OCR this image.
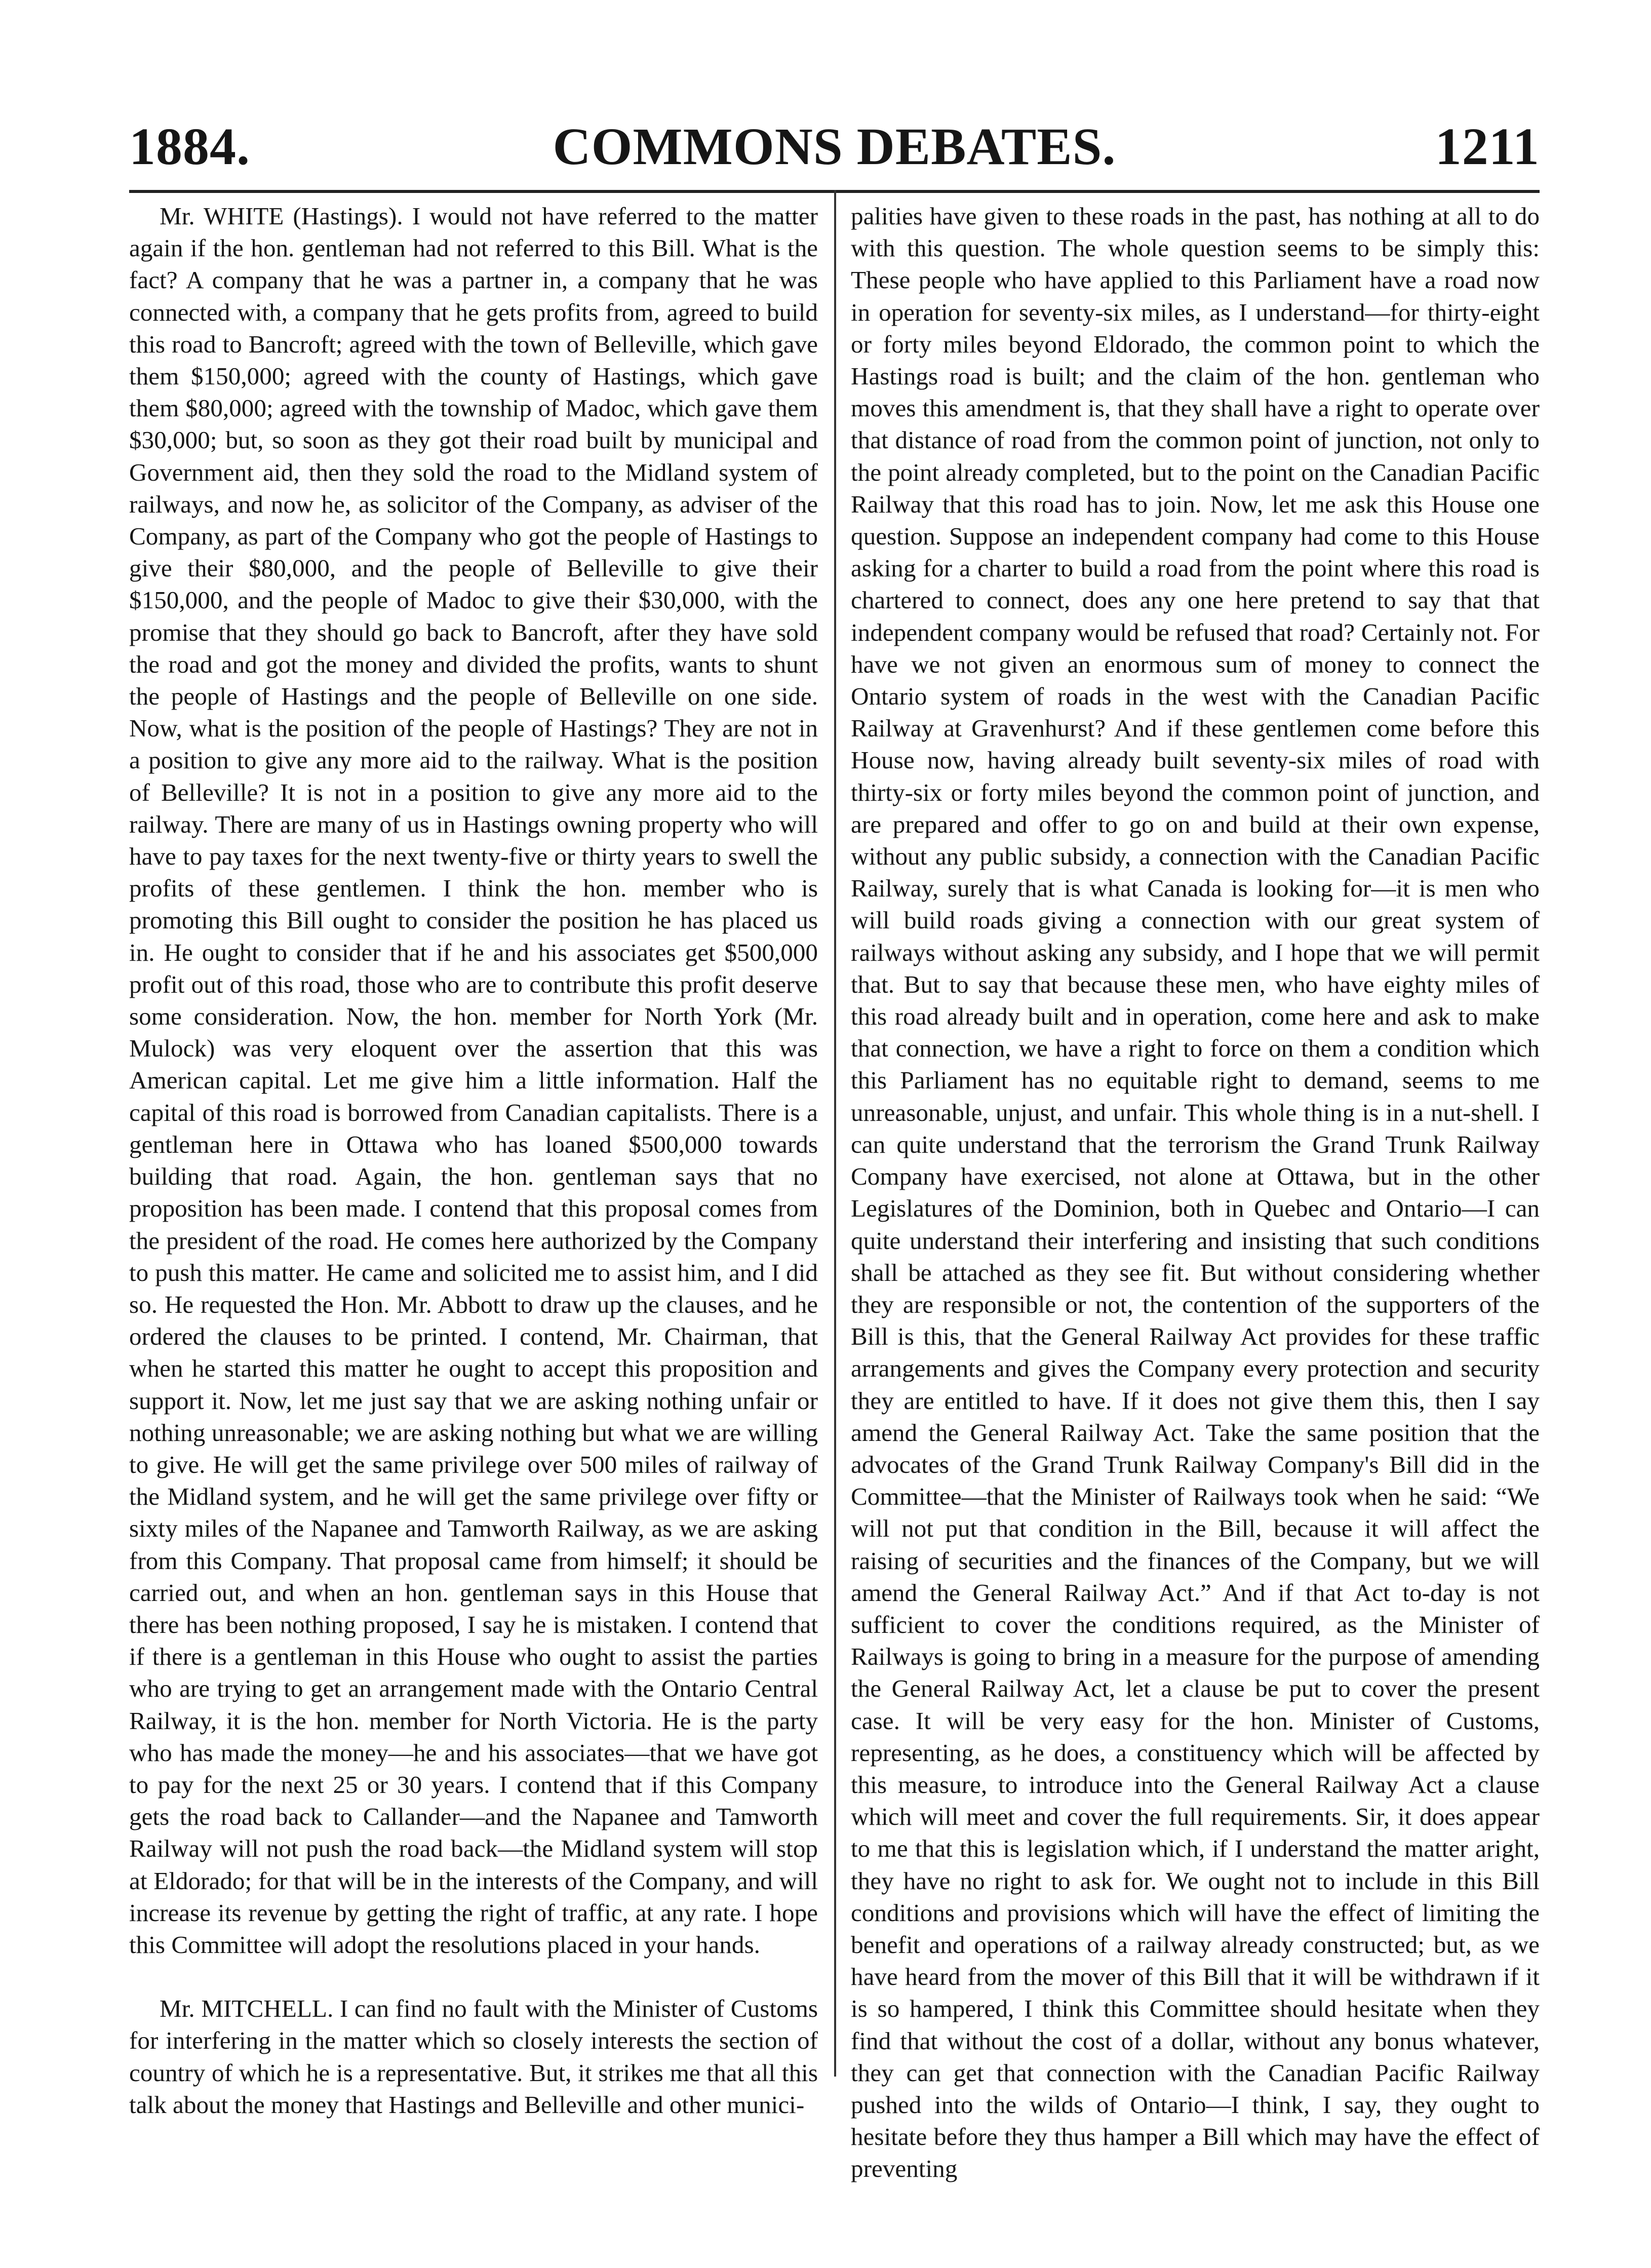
1884.	COMMONS DEBATES.	1211

Mr. WHITE (Hastings). I would not have referred to the matter again if the hon. gentleman had not referred to this Bill. What is the fact? A company that he was a partner in, a company that he was connected with, a company that he gets profits from, agreed to build this road to Bancroft; agreed with the town of Belleville, which gave them $150,000; agreed with the county of Hastings, which gave them $80,000; agreed with the township of Madoc, which gave them $30,000; but, so soon as they got their road built by municipal and Government aid, then they sold the road to the Midland system of railways, and now he, as solicitor of the Company, as adviser of the Company, as part of the Company who got the people of Hastings to give their $80,000, and the people of Belleville to give their $150,000, and the people of Madoc to give their $30,000, with the promise that they should go back to Bancroft, after they have sold the road and got the money and divided the profits, wants to shunt the people of Hastings and the people of Belleville on one side. Now, what is the position of the people of Hastings? They are not in a position to give any more aid to the railway. What is the position of Belleville? It is not in a position to give any more aid to the railway. There are many of us in Hastings owning property who will have to pay taxes for the next twenty-five or thirty years to swell the profits of these gentlemen. I think the hon. member who is promoting this Bill ought to consider the position he has placed us in. He ought to consider that if he and his associates get $500,000 profit out of this road, those who are to contribute this profit deserve some consideration. Now, the hon. member for North York (Mr. Mulock) was very eloquent over the assertion that this was American capital. Let me give him a little information. Half the capital of this road is borrowed from Canadian capitalists. There is a gentleman here in Ottawa who has loaned $500,000 towards building that road. Again, the hon. gentleman says that no proposition has been made. I contend that this proposal comes from the president of the road. He comes here authorized by the Company to push this matter. He came and solicited me to assist him, and I did so. He requested the Hon. Mr. Abbott to draw up the clauses, and he ordered the clauses to be printed. I contend, Mr. Chairman, that when he started this matter he ought to accept this proposition and support it. Now, let me just say that we are asking nothing unfair or nothing unreasonable; we are asking nothing but what we are willing to give. He will get the same privilege over 500 miles of railway of the Midland system, and he will get the same privilege over fifty or sixty miles of the Napanee and Tamworth Railway, as we are asking from this Company. That proposal came from himself; it should be carried out, and when an hon. gentleman says in this House that there has been nothing proposed, I say he is mistaken. I contend that if there is a gentleman in this House who ought to assist the parties who are trying to get an arrangement made with the Ontario Central Railway, it is the hon. member for North Victoria. He is the party who has made the money—he and his associates—that we have got to pay for the next 25 or 30 years. I contend that if this Company gets the road back to Callander—and the Napanee and Tamworth Railway will not push the road back—the Midland system will stop at Eldorado; for that will be in the interests of the Company, and will increase its revenue by getting the right of traffic, at any rate. I hope this Committee will adopt the resolutions placed in your hands.

Mr. MITCHELL. I can find no fault with the Minister of Customs for interfering in the matter which so closely interests the section of country of which he is a representative. But, it strikes me that all this talk about the money that Hastings and Belleville and other munici-

palities have given to these roads in the past, has nothing at all to do with this question. The whole question seems to be simply this: These people who have applied to this Parliament have a road now in operation for seventy-six miles, as I understand—for thirty-eight or forty miles beyond Eldorado, the common point to which the Hastings road is built; and the claim of the hon. gentleman who moves this amendment is, that they shall have a right to operate over that distance of road from the common point of junction, not only to the point already completed, but to the point on the Canadian Pacific Railway that this road has to join. Now, let me ask this House one question. Suppose an independent company had come to this House asking for a charter to build a road from the point where this road is chartered to connect, does any one here pretend to say that that independent company would be refused that road? Certainly not. For have we not given an enormous sum of money to connect the Ontario system of roads in the west with the Canadian Pacific Railway at Gravenhurst? And if these gentlemen come before this House now, having already built seventy-six miles of road with thirty-six or forty miles beyond the common point of junction, and are prepared and offer to go on and build at their own expense, without any public subsidy, a connection with the Canadian Pacific Railway, surely that is what Canada is looking for—it is men who will build roads giving a connection with our great system of railways without asking any subsidy, and I hope that we will permit that. But to say that because these men, who have eighty miles of this road already built and in operation, come here and ask to make that connection, we have a right to force on them a condition which this Parliament has no equitable right to demand, seems to me unreasonable, unjust, and unfair. This whole thing is in a nut-shell. I can quite understand that the terrorism the Grand Trunk Railway Company have exercised, not alone at Ottawa, but in the other Legislatures of the Dominion, both in Quebec and Ontario—I can quite understand their interfering and insisting that such conditions shall be attached as they see fit. But without considering whether they are responsible or not, the contention of the supporters of the Bill is this, that the General Railway Act provides for these traffic arrangements and gives the Company every protection and security they are entitled to have. If it does not give them this, then I say amend the General Railway Act. Take the same position that the advocates of the Grand Trunk Railway Company's Bill did in the Committee—that the Minister of Railways took when he said: “We will not put that condition in the Bill, because it will affect the raising of securities and the finances of the Company, but we will amend the General Railway Act.” And if that Act to-day is not sufficient to cover the conditions required, as the Minister of Railways is going to bring in a measure for the purpose of amending the General Railway Act, let a clause be put to cover the present case. It will be very easy for the hon. Minister of Customs, representing, as he does, a constituency which will be affected by this measure, to introduce into the General Railway Act a clause which will meet and cover the full requirements. Sir, it does appear to me that this is legislation which, if I understand the matter aright, they have no right to ask for. We ought not to include in this Bill conditions and provisions which will have the effect of limiting the benefit and operations of a railway already constructed; but, as we have heard from the mover of this Bill that it will be withdrawn if it is so hampered, I think this Committee should hesitate when they find that without the cost of a dollar, without any bonus whatever, they can get that connection with the Canadian Pacific Railway pushed into the wilds of Ontario—I think, I say, they ought to hesitate before they thus hamper a Bill which may have the effect of preventing
